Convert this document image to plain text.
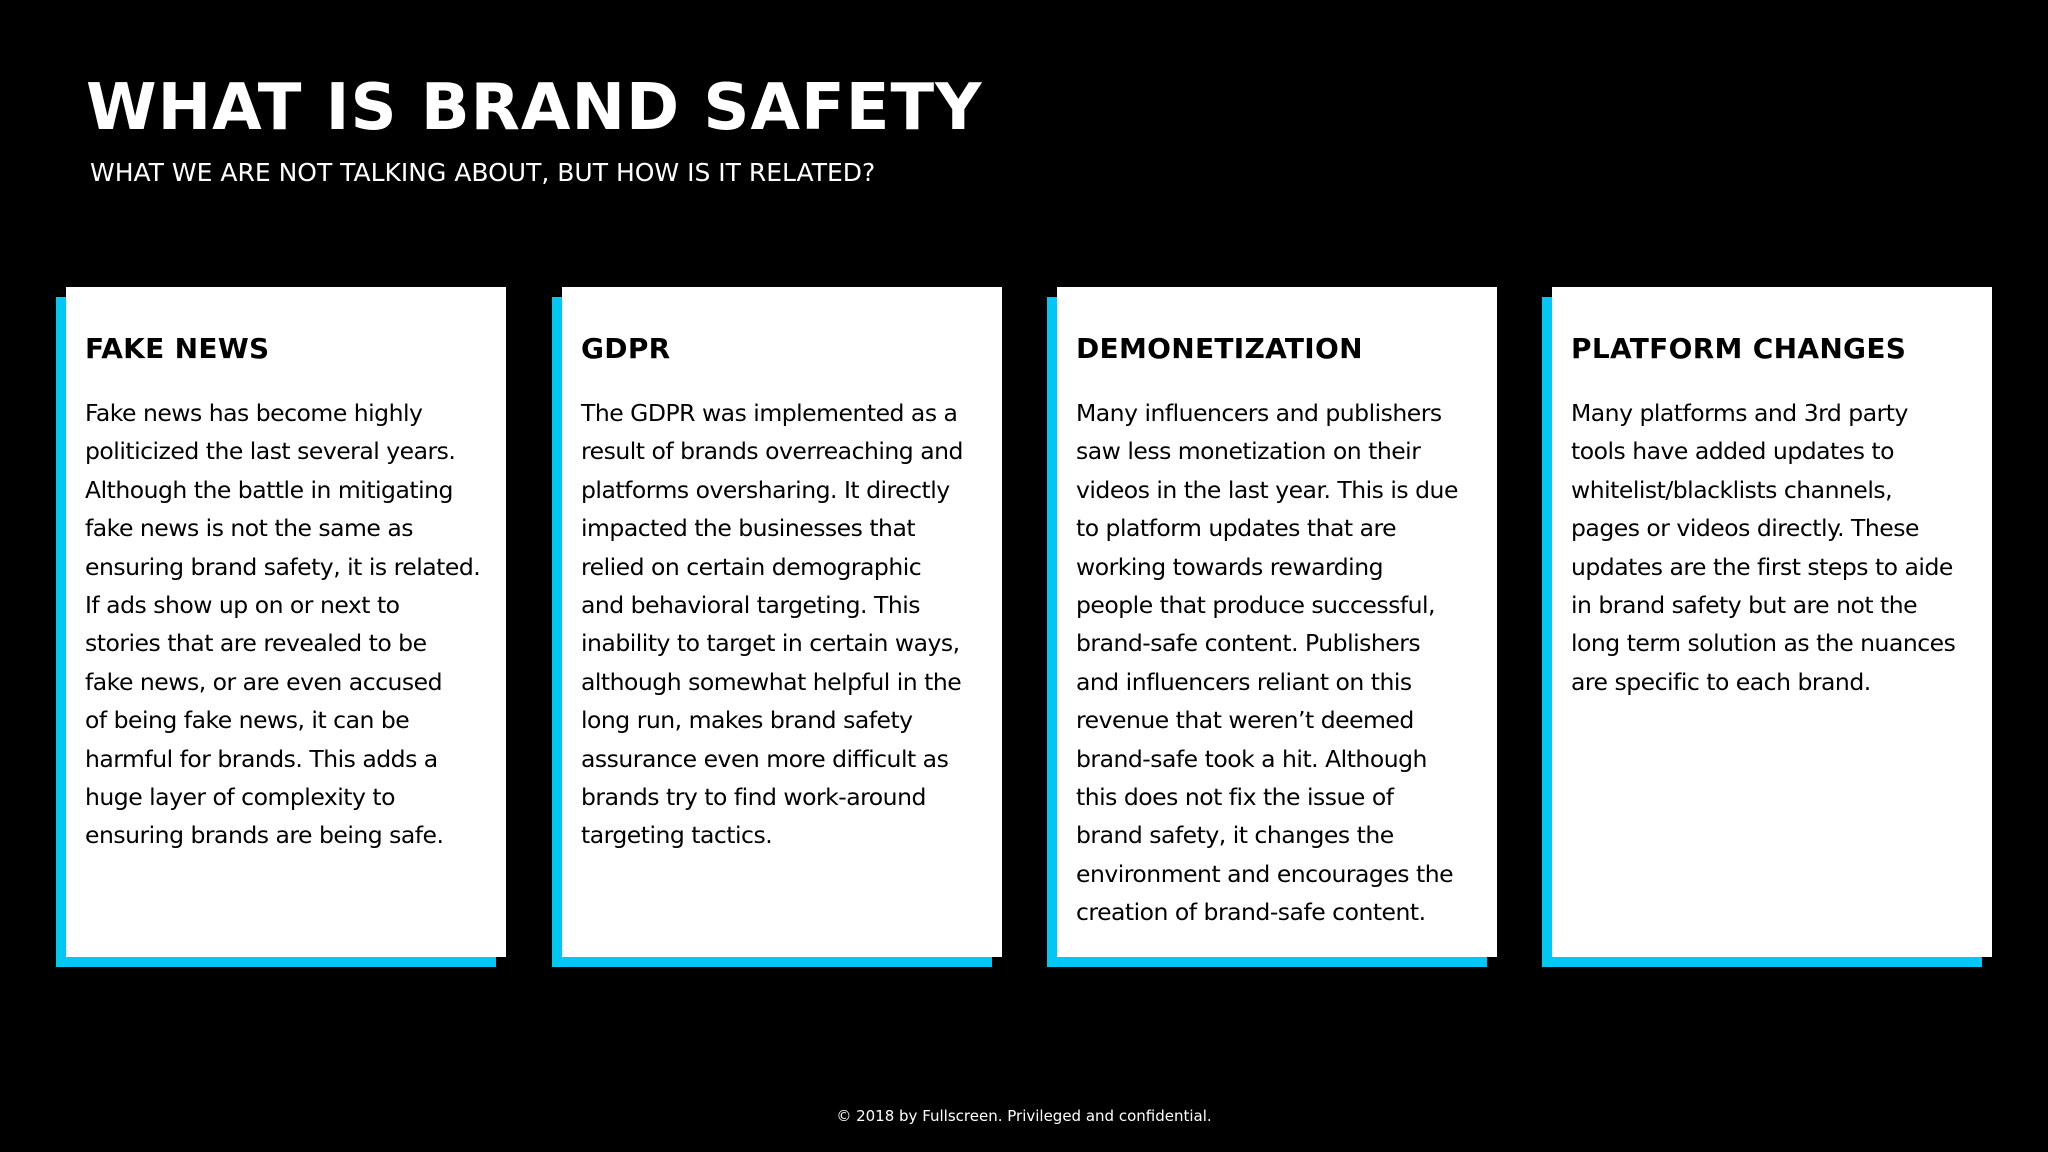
WHAT IS BRAND SAFETY

WHAT WE ARE NOT TALKING ABOUT, BUT HOW IS IT RELATED?

FAKE NEWS

Fake news has become highly
politicized the last several years.
Although the battle in mitigating
fake news is not the same as
ensuring brand safety, it is related.
If ads show up on or next to
stories that are revealed to be
fake news, or are even accused
of being fake news, it can be
harmful for brands. This adds a
huge layer of complexity to
ensuring brands are being safe.

GDPR

The GDPR was implemented as a
result of brands overreaching and
platforms oversharing. It directly
impacted the businesses that
relied on certain demographic
and behavioral targeting. This
inability to target in certain ways,
although somewhat helpful in the
long run, makes brand safety
assurance even more difficult as
brands try to find work-around
targeting tactics.

DEMONETIZATION

Many influencers and publishers
saw less monetization on their
videos in the last year. This is due
to platform updates that are
working towards rewarding
people that produce successful,
brand-safe content. Publishers
and influencers reliant on this
revenue that weren’t deemed
brand-safe took a hit. Although
this does not fix the issue of
brand safety, it changes the
environment and encourages the
creation of brand-safe content.

PLATFORM CHANGES

Many platforms and 3rd party
tools have added updates to
whitelist/blacklists channels,
pages or videos directly. These
updates are the first steps to aide
in brand safety but are not the
long term solution as the nuances
are specific to each brand.

© 2018 by Fullscreen. Privileged and confidential.
